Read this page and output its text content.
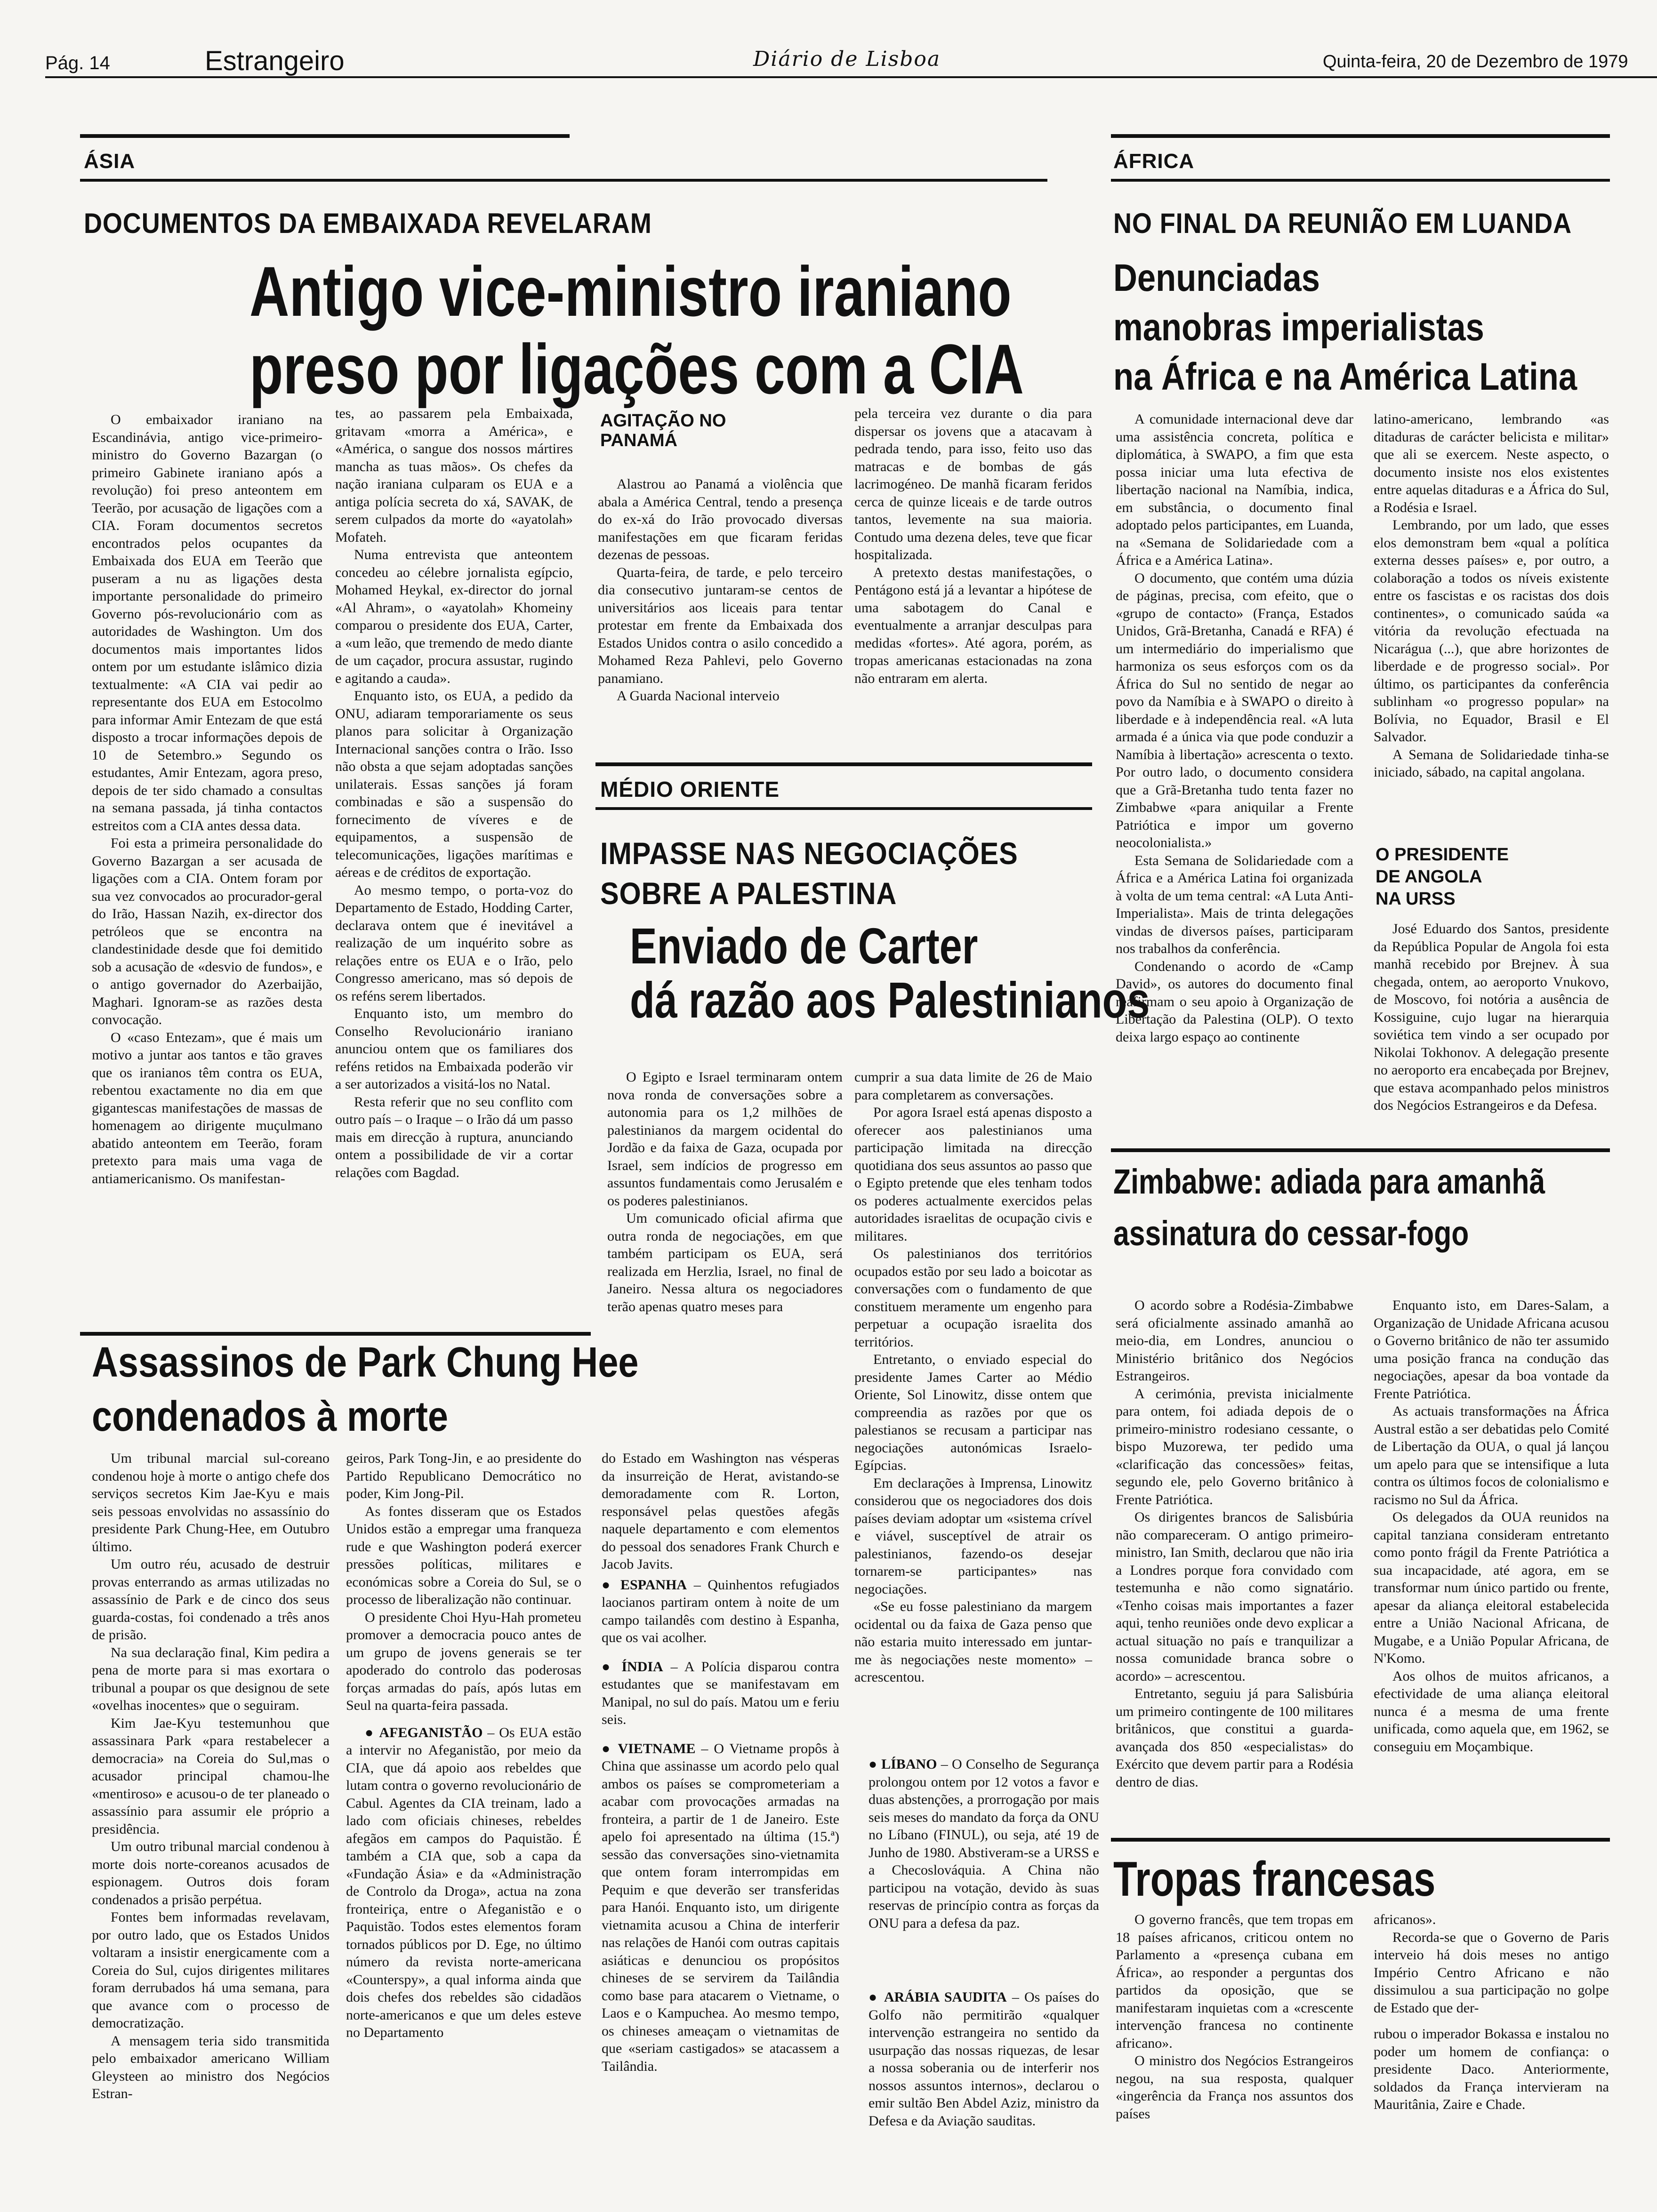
Pág. 14	Estrangeiro	Diário de Lisboa	Quinta-feira, 20 de Dezembro de 1979
ÁSIA
DOCUMENTOS DA EMBAIXADA REVELARAM
Antigo vice-ministro iraniano
preso por ligações com a CIA

O embaixador iraniano na Escandinávia, antigo vice-primeiro-ministro do Governo Bazargan (o primeiro Gabinete iraniano após a revolução) foi preso anteontem em Teerão, por acusação de ligações com a CIA. Foram documentos secretos encontrados pelos ocupantes da Embaixada dos EUA em Teerão que puseram a nu as ligações desta importante personalidade do primeiro Governo pós-revolucionário com as autoridades de Washington. Um dos documentos mais importantes lidos ontem por um estudante islâmico dizia textualmente: «A CIA vai pedir ao representante dos EUA em Estocolmo para informar Amir Entezam de que está disposto a trocar informações depois de 10 de Setembro.» Segundo os estudantes, Amir Entezam, agora preso, depois de ter sido chamado a consultas na semana passada, já tinha contactos estreitos com a CIA antes dessa data.

Foi esta a primeira personalidade do Governo Bazargan a ser acusada de ligações com a CIA. Ontem foram por sua vez convocados ao procurador-geral do Irão, Hassan Nazih, ex-director dos petróleos que se encontra na clandestinidade desde que foi demitido sob a acusação de «desvio de fundos», e o antigo governador do Azerbaijão, Maghari. Ignoram-se as razões desta convocação.

O «caso Entezam», que é mais um motivo a juntar aos tantos e tão graves que os iranianos têm contra os EUA, rebentou exactamente no dia em que gigantescas manifestações de massas de homenagem ao dirigente muçulmano abatido anteontem em Teerão, foram pretexto para mais uma vaga de antiamericanismo. Os manifestan-

tes, ao passarem pela Embaixada, gritavam «morra a América», e «América, o sangue dos nossos mártires mancha as tuas mãos». Os chefes da nação iraniana culparam os EUA e a antiga polícia secreta do xá, SAVAK, de serem culpados da morte do «ayatolah» Mofateh.

Numa entrevista que anteontem concedeu ao célebre jornalista egípcio, Mohamed Heykal, ex-director do jornal «Al Ahram», o «ayatolah» Khomeiny comparou o presidente dos EUA, Carter, a «um leão, que tremendo de medo diante de um caçador, procura assustar, rugindo e agitando a cauda».

Enquanto isto, os EUA, a pedido da ONU, adiaram temporariamente os seus planos para solicitar à Organização Internacional sanções contra o Irão. Isso não obsta a que sejam adoptadas sanções unilaterais. Essas sanções já foram combinadas e são a suspensão do fornecimento de víveres e de equipamentos, a suspensão de telecomunicações, ligações marítimas e aéreas e de créditos de exportação.

Ao mesmo tempo, o porta-voz do Departamento de Estado, Hodding Carter, declarava ontem que é inevitável a realização de um inquérito sobre as relações entre os EUA e o Irão, pelo Congresso americano, mas só depois de os reféns serem libertados.

Enquanto isto, um membro do Conselho Revolucionário iraniano anunciou ontem que os familiares dos reféns retidos na Embaixada poderão vir a ser autorizados a visitá-los no Natal.

Resta referir que no seu conflito com outro país – o Iraque – o Irão dá um passo mais em direcção à ruptura, anunciando ontem a possibilidade de vir a cortar relações com Bagdad.

AGITAÇÃO NO PANAMÁ

Alastrou ao Panamá a violência que abala a América Central, tendo a presença do ex-xá do Irão provocado diversas manifestações em que ficaram feridas dezenas de pessoas.

Quarta-feira, de tarde, e pelo terceiro dia consecutivo juntaram-se centos de universitários aos liceais para tentar protestar em frente da Embaixada dos Estados Unidos contra o asilo concedido a Mohamed Reza Pahlevi, pelo Governo panamiano.

A Guarda Nacional interveio

pela terceira vez durante o dia para dispersar os jovens que a atacavam à pedrada tendo, para isso, feito uso das matracas e de bombas de gás lacrimogéneo. De manhã ficaram feridos cerca de quinze liceais e de tarde outros tantos, levemente na sua maioria. Contudo uma dezena deles, teve que ficar hospitalizada.

A pretexto destas manifestações, o Pentágono está já a levantar a hipótese de uma sabotagem do Canal e eventualmente a arranjar desculpas para medidas «fortes». Até agora, porém, as tropas americanas estacionadas na zona não entraram em alerta.

MÉDIO ORIENTE
IMPASSE NAS NEGOCIAÇÕES
SOBRE A PALESTINA
Enviado de Carter
dá razão aos Palestinianos

O Egipto e Israel terminaram ontem nova ronda de conversações sobre a autonomia para os 1,2 milhões de palestinianos da margem ocidental do Jordão e da faixa de Gaza, ocupada por Israel, sem indícios de progresso em assuntos fundamentais como Jerusalém e os poderes palestinianos.

Um comunicado oficial afirma que outra ronda de negociações, em que também participam os EUA, será realizada em Herzlia, Israel, no final de Janeiro. Nessa altura os negociadores terão apenas quatro meses para

cumprir a sua data limite de 26 de Maio para completarem as conversações.

Por agora Israel está apenas disposto a oferecer aos palestinianos uma participação limitada na direcção quotidiana dos seus assuntos ao passo que o Egipto pretende que eles tenham todos os poderes actualmente exercidos pelas autoridades israelitas de ocupação civis e militares.

Os palestinianos dos territórios ocupados estão por seu lado a boicotar as conversações com o fundamento de que constituem meramente um engenho para perpetuar a ocupação israelita dos territórios.

Entretanto, o enviado especial do presidente James Carter ao Médio Oriente, Sol Linowitz, disse ontem que compreendia as razões por que os palestianos se recusam a participar nas negociações autonómicas Israelo-Egípcias.

Em declarações à Imprensa, Linowitz considerou que os negociadores dos dois países deviam adoptar um «sistema crível e viável, susceptível de atrair os palestinianos, fazendo-os desejar tornarem-se participantes» nas negociações.

«Se eu fosse palestiniano da margem ocidental ou da faixa de Gaza penso que não estaria muito interessado em juntar-me às negociações neste momento» – acrescentou.

● LÍBANO – O Conselho de Segurança prolongou ontem por 12 votos a favor e duas abstenções, a prorrogação por mais seis meses do mandato da força da ONU no Líbano (FINUL), ou seja, até 19 de Junho de 1980. Abstiveram-se a URSS e a Checoslováquia. A China não participou na votação, devido às suas reservas de princípio contra as forças da ONU para a defesa da paz.

● ARÁBIA SAUDITA – Os países do Golfo não permitirão «qualquer intervenção estrangeira no sentido da usurpação das nossas riquezas, de lesar a nossa soberania ou de interferir nos nossos assuntos internos», declarou o emir sultão Ben Abdel Aziz, ministro da Defesa e da Aviação sauditas.

Assassinos de Park Chung Hee
condenados à morte

Um tribunal marcial sul-coreano condenou hoje à morte o antigo chefe dos serviços secretos Kim Jae-Kyu e mais seis pessoas envolvidas no assassínio do presidente Park Chung-Hee, em Outubro último.

Um outro réu, acusado de destruir provas enterrando as armas utilizadas no assassínio de Park e de cinco dos seus guarda-costas, foi condenado a três anos de prisão.

Na sua declaração final, Kim pedira a pena de morte para si mas exortara o tribunal a poupar os que designou de sete «ovelhas inocentes» que o seguiram.

Kim Jae-Kyu testemunhou que assassinara Park «para restabelecer a democracia» na Coreia do Sul,mas o acusador principal chamou-lhe «mentiroso» e acusou-o de ter planeado o assassínio para assumir ele próprio a presidência.

Um outro tribunal marcial condenou à morte dois norte-coreanos acusados de espionagem. Outros dois foram condenados a prisão perpétua.

Fontes bem informadas revelavam, por outro lado, que os Estados Unidos voltaram a insistir energicamente com a Coreia do Sul, cujos dirigentes militares foram derrubados há uma semana, para que avance com o processo de democratização.

A mensagem teria sido transmitida pelo embaixador americano William Gleysteen ao ministro dos Negócios Estran-

geiros, Park Tong-Jin, e ao presidente do Partido Republicano Democrático no poder, Kim Jong-Pil.

As fontes disseram que os Estados Unidos estão a empregar uma franqueza rude e que Washington poderá exercer pressões políticas, militares e económicas sobre a Coreia do Sul, se o processo de liberalização não continuar.

O presidente Choi Hyu-Hah prometeu promover a democracia pouco antes de um grupo de jovens generais se ter apoderado do controlo das poderosas forças armadas do país, após lutas em Seul na quarta-feira passada.

● AFEGANISTÃO – Os EUA estão a intervir no Afeganistão, por meio da CIA, que dá apoio aos rebeldes que lutam contra o governo revolucionário de Cabul. Agentes da CIA treinam, lado a lado com oficiais chineses, rebeldes afegãos em campos do Paquistão. É também a CIA que, sob a capa da «Fundação Ásia» e da «Administração de Controlo da Droga», actua na zona fronteiriça, entre o Afeganistão e o Paquistão. Todos estes elementos foram tornados públicos por D. Ege, no último número da revista norte-americana «Counterspy», a qual informa ainda que dois chefes dos rebeldes são cidadãos norte-americanos e que um deles esteve no Departamento

do Estado em Washington nas vésperas da insurreição de Herat, avistando-se demoradamente com R. Lorton, responsável pelas questões afegãs naquele departamento e com elementos do pessoal dos senadores Frank Church e Jacob Javits.

● ESPANHA – Quinhentos refugiados laocianos partiram ontem à noite de um campo tailandês com destino à Espanha, que os vai acolher.

● ÍNDIA – A Polícia disparou contra estudantes que se manifestavam em Manipal, no sul do país. Matou um e feriu seis.

● VIETNAME – O Vietname propôs à China que assinasse um acordo pelo qual ambos os países se comprometeriam a acabar com provocações armadas na fronteira, a partir de 1 de Janeiro. Este apelo foi apresentado na última (15.ª) sessão das conversações sino-vietnamita que ontem foram interrompidas em Pequim e que deverão ser transferidas para Hanói. Enquanto isto, um dirigente vietnamita acusou a China de interferir nas relações de Hanói com outras capitais asiáticas e denunciou os propósitos chineses de se servirem da Tailândia como base para atacarem o Vietname, o Laos e o Kampuchea. Ao mesmo tempo, os chineses ameaçam o vietnamitas de que «seriam castigados» se atacassem a Tailândia.

ÁFRICA
NO FINAL DA REUNIÃO EM LUANDA
Denunciadas
manobras imperialistas
na África e na América Latina

A comunidade internacional deve dar uma assistência concreta, política e diplomática, à SWAPO, a fim que esta possa iniciar uma luta efectiva de libertação nacional na Namíbia, indica, em substância, o documento final adoptado pelos participantes, em Luanda, na «Semana de Solidariedade com a África e a América Latina».

O documento, que contém uma dúzia de páginas, precisa, com efeito, que o «grupo de contacto» (França, Estados Unidos, Grã-Bretanha, Canadá e RFA) é um intermediário do imperialismo que harmoniza os seus esforços com os da África do Sul no sentido de negar ao povo da Namíbia e à SWAPO o direito à liberdade e à independência real. «A luta armada é a única via que pode conduzir a Namíbia à libertação» acrescenta o texto. Por outro lado, o documento considera que a Grã-Bretanha tudo tenta fazer no Zimbabwe «para aniquilar a Frente Patriótica e impor um governo neocolonialista.»

Esta Semana de Solidariedade com a África e a América Latina foi organizada à volta de um tema central: «A Luta Anti-Imperialista». Mais de trinta delegações vindas de diversos países, participaram nos trabalhos da conferência.

Condenando o acordo de «Camp David», os autores do documento final reafirmam o seu apoio à Organização de Libertação da Palestina (OLP). O texto deixa largo espaço ao continente

latino-americano, lembrando «as ditaduras de carácter belicista e militar» que ali se exercem. Neste aspecto, o documento insiste nos elos existentes entre aquelas ditaduras e a África do Sul, a Rodésia e Israel.

Lembrando, por um lado, que esses elos demonstram bem «qual a política externa desses países» e, por outro, a colaboração a todos os níveis existente entre os fascistas e os racistas dos dois continentes», o comunicado saúda «a vitória da revolução efectuada na Nicarágua (...), que abre horizontes de liberdade e de progresso social». Por último, os participantes da conferência sublinham «o progresso popular» na Bolívia, no Equador, Brasil e El Salvador.

A Semana de Solidariedade tinha-se iniciado, sábado, na capital angolana.

O PRESIDENTE
DE ANGOLA
NA URSS

José Eduardo dos Santos, presidente da República Popular de Angola foi esta manhã recebido por Brejnev. À sua chegada, ontem, ao aeroporto Vnukovo, de Moscovo, foi notória a ausência de Kossiguine, cujo lugar na hierarquia soviética tem vindo a ser ocupado por Nikolai Tokhonov. A delegação presente no aeroporto era encabeçada por Brejnev, que estava acompanhado pelos ministros dos Negócios Estrangeiros e da Defesa.

Zimbabwe: adiada para amanhã
assinatura do cessar-fogo

O acordo sobre a Rodésia-Zimbabwe será oficialmente assinado amanhã ao meio-dia, em Londres, anunciou o Ministério britânico dos Negócios Estrangeiros.

A cerimónia, prevista inicialmente para ontem, foi adiada depois de o primeiro-ministro rodesiano cessante, o bispo Muzorewa, ter pedido uma «clarificação das concessões» feitas, segundo ele, pelo Governo britânico à Frente Patriótica.

Os dirigentes brancos de Salisbúria não compareceram. O antigo primeiro-ministro, Ian Smith, declarou que não iria a Londres porque fora convidado com testemunha e não como signatário. «Tenho coisas mais importantes a fazer aqui, tenho reuniões onde devo explicar a actual situação no país e tranquilizar a nossa comunidade branca sobre o acordo» – acrescentou.

Entretanto, seguiu já para Salisbúria um primeiro contingente de 100 militares britânicos, que constitui a guarda-avançada dos 850 «especialistas» do Exército que devem partir para a Rodésia dentro de dias.

Enquanto isto, em Dares-Salam, a Organização de Unidade Africana acusou o Governo britânico de não ter assumido uma posição franca na condução das negociações, apesar da boa vontade da Frente Patriótica.

As actuais transformações na África Austral estão a ser debatidas pelo Comité de Libertação da OUA, o qual já lançou um apelo para que se intensifique a luta contra os últimos focos de colonialismo e racismo no Sul da África.

Os delegados da OUA reunidos na capital tanziana consideram entretanto como ponto frágil da Frente Patriótica a sua incapacidade, até agora, em se transformar num único partido ou frente, apesar da aliança eleitoral estabelecida entre a União Nacional Africana, de Mugabe, e a União Popular Africana, de N'Komo.

Aos olhos de muitos africanos, a efectividade de uma aliança eleitoral nunca é a mesma de uma frente unificada, como aquela que, em 1962, se conseguiu em Moçambique.

Tropas francesas

O governo francês, que tem tropas em 18 países africanos, criticou ontem no Parlamento a «presença cubana em África», ao responder a perguntas dos partidos da oposição, que se manifestaram inquietas com a «crescente intervenção francesa no continente africano».

O ministro dos Negócios Estrangeiros negou, na sua resposta, qualquer «ingerência da França nos assuntos dos países

africanos».

Recorda-se que o Governo de Paris interveio há dois meses no antigo Império Centro Africano e não dissimulou a sua participação no golpe de Estado que der-

rubou o imperador Bokassa e instalou no poder um homem de confiança: o presidente Daco. Anteriormente, soldados da França intervieram na Mauritânia, Zaire e Chade.
